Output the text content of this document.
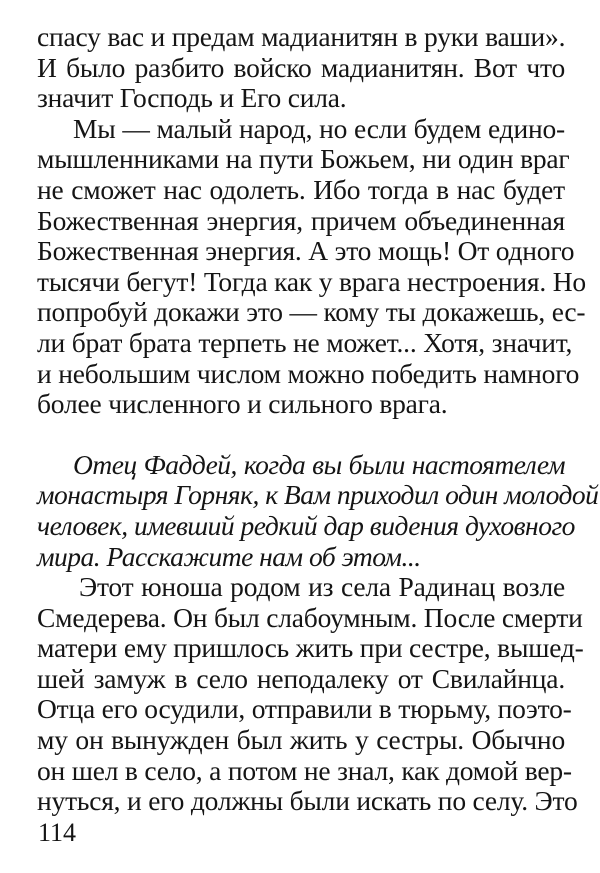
спасу вас и предам мадианитян в руки ваши».
И было разбито войско мадианитян. Вот что
значит Господь и Его сила.
Мы — малый народ, но если будем едино-
мышленниками на пути Божьем, ни один враг
не сможет нас одолеть. Ибо тогда в нас будет
Божественная энергия, причем объединенная
Божественная энергия. А это мощь! От одного
тысячи бегут! Тогда как у врага нестроения. Но
попробуй докажи это — кому ты докажешь, ес-
ли брат брата терпеть не может... Хотя, значит,
и небольшим числом можно победить намного
более численного и сильного врага.
Отец Фаддей, когда вы были настоятелем
монастыря Горняк, к Вам приходил один молодой
человек, имевший редкий дар видения духовного
мира. Расскажите нам об этом...
Этот юноша родом из села Радинац возле
Смедерева. Он был слабоумным. После смерти
матери ему пришлось жить при сестре, вышед-
шей замуж в село неподалеку от Свилайнца.
Отца его осудили, отправили в тюрьму, поэто-
му он вынужден был жить у сестры. Обычно
он шел в село, а потом не знал, как домой вер-
нуться, и его должны были искать по селу. Это
114
